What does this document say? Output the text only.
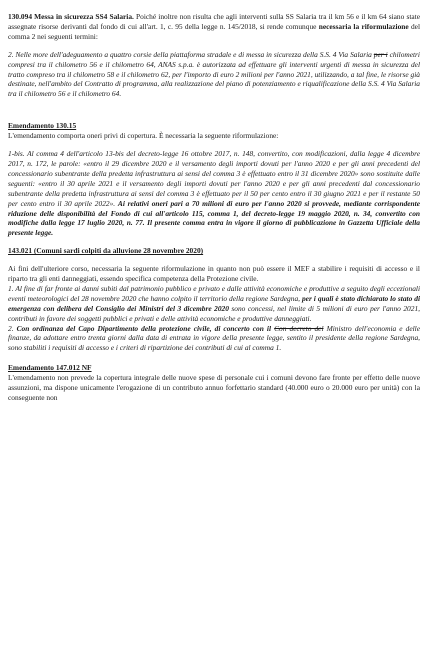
130.094 Messa in sicurezza SS4 Salaria. Poiché inoltre non risulta che agli interventi sulla SS Salaria tra il km 56 e il km 64 siano state assegnate risorse derivanti dal fondo di cui all'art. 1, c. 95 della legge n. 145/2018, si rende comunque necessaria la riformulazione del comma 2 nei seguenti termini:

2. Nelle more dell'adeguamento a quattro corsie della piattaforma stradale e di messa in sicurezza della S.S. 4 Via Salaria per i chilometri compresi tra il chilometro 56 e il chilometro 64, ANAS s.p.a. è autorizzata ad effettuare gli interventi urgenti di messa in sicurezza del tratto compreso tra il chilometro 58 e il chilometro 62, per l'importo di euro 2 milioni per l'anno 2021, utilizzando, a tal fine, le risorse già destinate, nell'ambito del Contratto di programma, alla realizzazione del piano di potenziamento e riqualificazione della S.S. 4 Via Salaria tra il chilometro 56 e il chilometro 64.

Emendamento 130.15

L'emendamento comporta oneri privi di copertura. È necessaria la seguente riformulazione:

1-bis. Al comma 4 dell'articolo 13-bis del decreto-legge 16 ottobre 2017, n. 148, convertito, con modificazioni, dalla legge 4 dicembre 2017, n. 172, le parole: «entro il 29 dicembre 2020 e il versamento degli importi dovuti per l'anno 2020 e per gli anni precedenti del concessionario subentrante della predetta infrastruttura ai sensi del comma 3 è effettuato entro il 31 dicembre 2020» sono sostituite dalle seguenti: «entro il 30 aprile 2021 e il versamento degli importi dovuti per l'anno 2020 e per gli anni precedenti dal concessionario subentrante della predetta infrastruttura ai sensi del comma 3 è effettuato per il 50 per cento entro il 30 giugno 2021 e per il restante 50 per cento entro il 30 aprile 2022». Ai relativi oneri pari a 70 milioni di euro per l'anno 2020 si provvede, mediante corrispondente riduzione delle disponibilità del Fondo di cui all'articolo 115, comma 1, del decreto-legge 19 maggio 2020, n. 34, convertito con modifiche dalla legge 17 luglio 2020, n. 77. Il presente comma entra in vigore il giorno di pubblicazione in Gazzetta Ufficiale della presente legge.

143.021 (Comuni sardi colpiti da alluvione 28 novembre 2020)

Ai fini dell'ulteriore corso, necessaria la seguente riformulazione in quanto non può essere il MEF a stabilire i requisiti di accesso e il riparto tra gli enti danneggiati, essendo specifica competenza della Protezione civile.

1. Al fine di far fronte ai danni subiti dal patrimonio pubblico e privato e dalle attività economiche e produttive a seguito degli eccezionali eventi meteorologici del 28 novembre 2020 che hanno colpito il territorio della regione Sardegna, per i quali è stato dichiarato lo stato di emergenza con delibera del Consiglio dei Ministri del 3 dicembre 2020 sono concessi, nel limite di 5 milioni di euro per l'anno 2021, contributi in favore dei soggetti pubblici e privati e delle attività economiche e produttive danneggiati.

2. Con ordinanza del Capo Dipartimento della protezione civile, di concerto con il Con decreto del Ministro dell'economia e delle finanze, da adottare entro trenta giorni dalla data di entrata in vigore della presente legge, sentito il presidente della regione Sardegna, sono stabiliti i requisiti di accesso e i criteri di ripartizione dei contributi di cui al comma 1.

Emendamento 147.012 NF

L'emendamento non prevede la copertura integrale delle nuove spese di personale cui i comuni devono fare fronte per effetto delle nuove assunzioni, ma dispone unicamente l'erogazione di un contributo annuo forfettario standard (40.000 euro o 20.000 euro per unità) con la conseguente non
